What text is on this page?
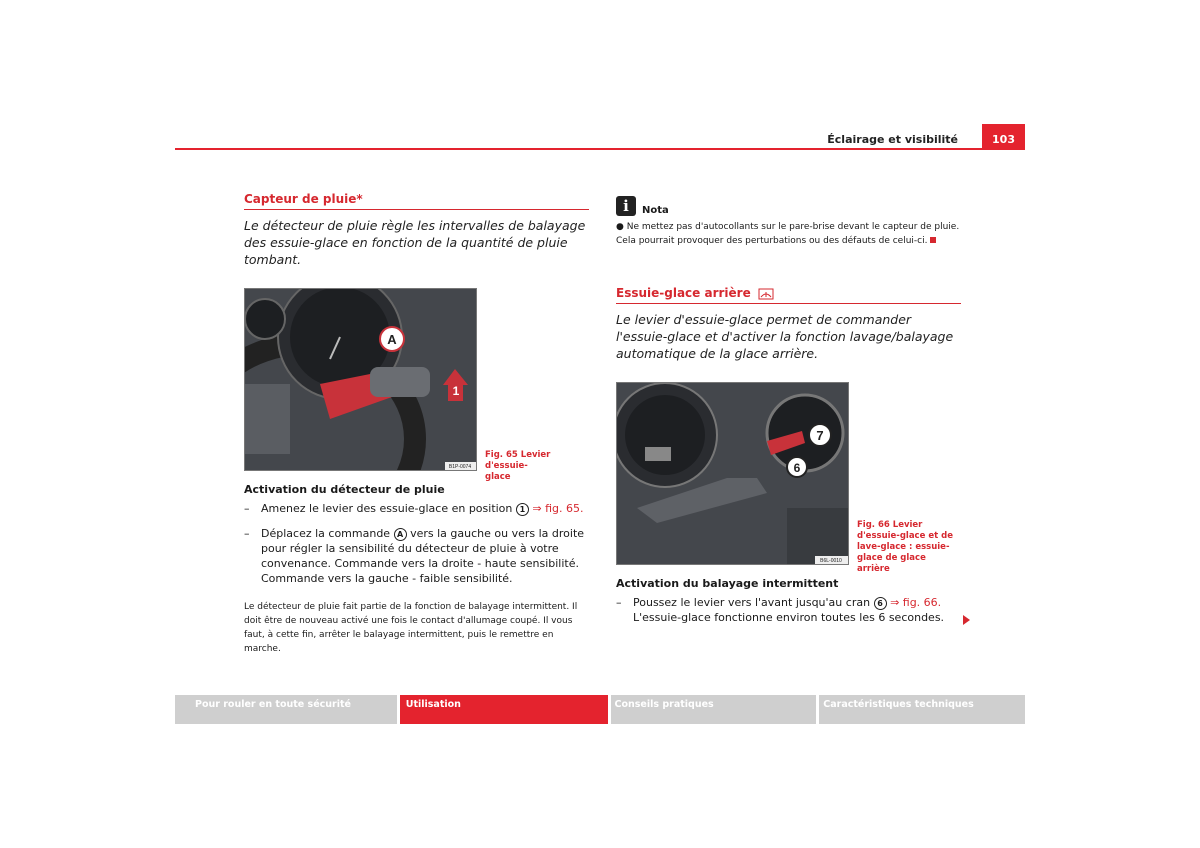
Éclairage et visibilité	103
Capteur de pluie*
Le détecteur de pluie règle les intervalles de balayage des essuie-glace en fonction de la quantité de pluie tombant.
A
1
B1P-0074
Fig. 65 Levier d'essuie-
glace
Activation du détecteur de pluie
–	Amenez le levier des essuie-glace en position 1 ⇒ fig. 65.
–	Déplacez la commande A vers la gauche ou vers la droite pour régler la sensibilité du détecteur de pluie à votre convenance. Commande vers la droite - haute sensibilité. Commande vers la gauche - faible sensibilité.
Le détecteur de pluie fait partie de la fonction de balayage intermittent. Il doit être de nouveau activé une fois le contact d'allumage coupé. Il vous faut, à cette fin, arrêter le balayage intermittent, puis le remettre en marche.
i	Nota
● Ne mettez pas d'autocollants sur le pare-brise devant le capteur de pluie. Cela pourrait provoquer des perturbations ou des défauts de celui-ci.
Essuie-glace arrière
Le levier d'essuie-glace permet de commander l'essuie-glace et d'activer la fonction lavage/balayage automatique de la glace arrière.
7
6
B6L-0010
Fig. 66 Levier d'essuie-glace et de lave-glace : essuie-glace de glace arrière
Activation du balayage intermittent
–	Poussez le levier vers l'avant jusqu'au cran 6 ⇒ fig. 66. L'essuie-glace fonctionne environ toutes les 6 secondes.
Pour rouler en toute sécurité	Utilisation	Conseils pratiques	Caractéristiques techniques
